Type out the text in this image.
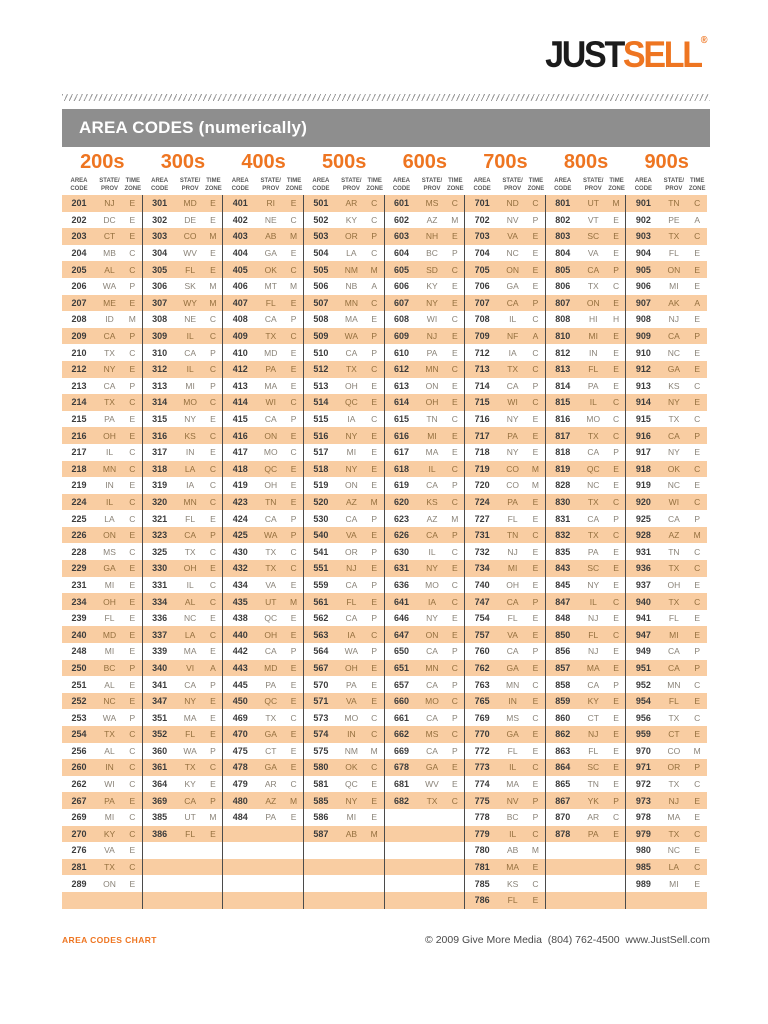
JUSTSELL®
AREA CODES (numerically)
200s
AREA
CODE
STATE/
PROV
TIME
ZONE
201	NJ	E
202	DC	E
203	CT	E
204	MB	C
205	AL	C
206	WA	P
207	ME	E
208	ID	M
209	CA	P
210	TX	C
212	NY	E
213	CA	P
214	TX	C
215	PA	E
216	OH	E
217	IL	C
218	MN	C
219	IN	E
224	IL	C
225	LA	C
226	ON	E
228	MS	C
229	GA	E
231	MI	E
234	OH	E
239	FL	E
240	MD	E
248	MI	E
250	BC	P
251	AL	E
252	NC	E
253	WA	P
254	TX	C
256	AL	C
260	IN	C
262	WI	C
267	PA	E
269	MI	C
270	KY	C
276	VA	E
281	TX	C
289	ON	E
300s
AREA
CODE
STATE/
PROV
TIME
ZONE
301	MD	E
302	DE	E
303	CO	M
304	WV	E
305	FL	E
306	SK	M
307	WY	M
308	NE	C
309	IL	C
310	CA	P
312	IL	C
313	MI	P
314	MO	C
315	NY	E
316	KS	C
317	IN	E
318	LA	C
319	IA	C
320	MN	C
321	FL	E
323	CA	P
325	TX	C
330	OH	E
331	IL	C
334	AL	C
336	NC	E
337	LA	C
339	MA	E
340	VI	A
341	CA	P
347	NY	E
351	MA	E
352	FL	E
360	WA	P
361	TX	C
364	KY	E
369	CA	P
385	UT	M
386	FL	E
400s
AREA
CODE
STATE/
PROV
TIME
ZONE
401	RI	E
402	NE	C
403	AB	M
404	GA	E
405	OK	C
406	MT	M
407	FL	E
408	CA	P
409	TX	C
410	MD	E
412	PA	E
413	MA	E
414	WI	C
415	CA	P
416	ON	E
417	MO	C
418	QC	E
419	OH	E
423	TN	E
424	CA	P
425	WA	P
430	TX	C
432	TX	C
434	VA	E
435	UT	M
438	QC	E
440	OH	E
442	CA	P
443	MD	E
445	PA	E
450	QC	E
469	TX	C
470	GA	E
475	CT	E
478	GA	E
479	AR	C
480	AZ	M
484	PA	E
500s
AREA
CODE
STATE/
PROV
TIME
ZONE
501	AR	C
502	KY	C
503	OR	P
504	LA	C
505	NM	M
506	NB	A
507	MN	C
508	MA	E
509	WA	P
510	CA	P
512	TX	C
513	OH	E
514	QC	E
515	IA	C
516	NY	E
517	MI	E
518	NY	E
519	ON	E
520	AZ	M
530	CA	P
540	VA	E
541	OR	P
551	NJ	E
559	CA	P
561	FL	E
562	CA	P
563	IA	C
564	WA	P
567	OH	E
570	PA	E
571	VA	E
573	MO	C
574	IN	C
575	NM	M
580	OK	C
581	QC	E
585	NY	E
586	MI	E
587	AB	M
600s
AREA
CODE
STATE/
PROV
TIME
ZONE
601	MS	C
602	AZ	M
603	NH	E
604	BC	P
605	SD	C
606	KY	E
607	NY	E
608	WI	C
609	NJ	E
610	PA	E
612	MN	C
613	ON	E
614	OH	E
615	TN	C
616	MI	E
617	MA	E
618	IL	C
619	CA	P
620	KS	C
623	AZ	M
626	CA	P
630	IL	C
631	NY	E
636	MO	C
641	IA	C
646	NY	E
647	ON	E
650	CA	P
651	MN	C
657	CA	P
660	MO	C
661	CA	P
662	MS	C
669	CA	P
678	GA	E
681	WV	E
682	TX	C
700s
AREA
CODE
STATE/
PROV
TIME
ZONE
701	ND	C
702	NV	P
703	VA	E
704	NC	E
705	ON	E
706	GA	E
707	CA	P
708	IL	C
709	NF	A
712	IA	C
713	TX	C
714	CA	P
715	WI	C
716	NY	E
717	PA	E
718	NY	E
719	CO	M
720	CO	M
724	PA	E
727	FL	E
731	TN	C
732	NJ	E
734	MI	E
740	OH	E
747	CA	P
754	FL	E
757	VA	E
760	CA	P
762	GA	E
763	MN	C
765	IN	E
769	MS	C
770	GA	E
772	FL	E
773	IL	C
774	MA	E
775	NV	P
778	BC	P
779	IL	C
780	AB	M
781	MA	E
785	KS	C
786	FL	E
800s
AREA
CODE
STATE/
PROV
TIME
ZONE
801	UT	M
802	VT	E
803	SC	E
804	VA	E
805	CA	P
806	TX	C
807	ON	E
808	HI	H
810	MI	E
812	IN	E
813	FL	E
814	PA	E
815	IL	C
816	MO	C
817	TX	C
818	CA	P
819	QC	E
828	NC	E
830	TX	C
831	CA	P
832	TX	C
835	PA	E
843	SC	E
845	NY	E
847	IL	C
848	NJ	E
850	FL	C
856	NJ	E
857	MA	E
858	CA	P
859	KY	E
860	CT	E
862	NJ	E
863	FL	E
864	SC	E
865	TN	E
867	YK	P
870	AR	C
878	PA	E
900s
AREA
CODE
STATE/
PROV
TIME
ZONE
901	TN	C
902	PE	A
903	TX	C
904	FL	E
905	ON	E
906	MI	E
907	AK	A
908	NJ	E
909	CA	P
910	NC	E
912	GA	E
913	KS	C
914	NY	E
915	TX	C
916	CA	P
917	NY	E
918	OK	C
919	NC	E
920	WI	C
925	CA	P
928	AZ	M
931	TN	C
936	TX	C
937	OH	E
940	TX	C
941	FL	E
947	MI	E
949	CA	P
951	CA	P
952	MN	C
954	FL	E
956	TX	C
959	CT	E
970	CO	M
971	OR	P
972	TX	C
973	NJ	E
978	MA	E
979	TX	C
980	NC	E
985	LA	C
989	MI	E
AREA CODES CHART	© 2009 Give More Media  (804) 762-4500  www.JustSell.com
